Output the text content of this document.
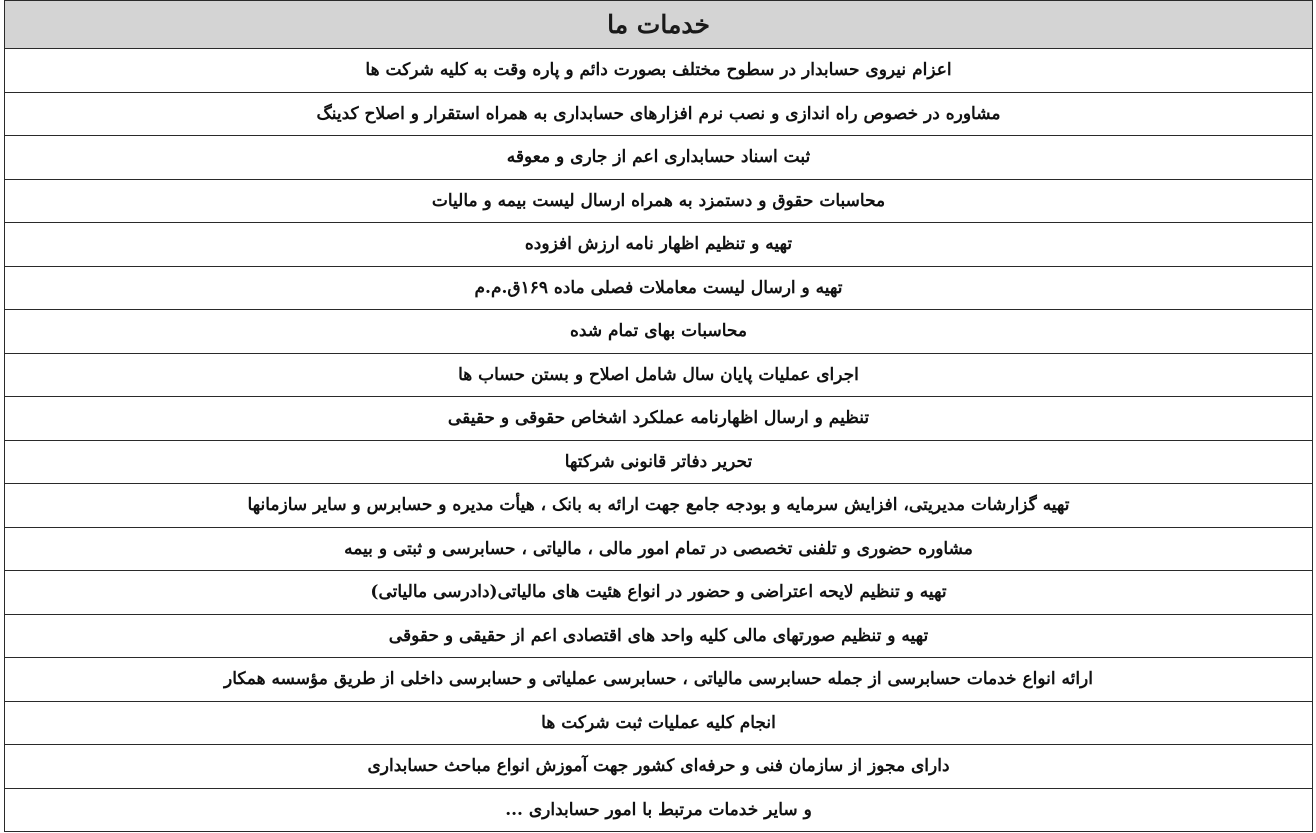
خدمات ما
اعزام نیروی حسابدار در سطوح مختلف بصورت دائم و پاره وقت به کلیه شرکت ها
مشاوره در خصوص راه اندازی و نصب نرم افزارهای حسابداری به همراه استقرار و اصلاح کدینگ
ثبت اسناد حسابداری اعم از جاری و معوقه
محاسبات حقوق و دستمزد به همراه ارسال لیست بیمه و مالیات
تهیه و تنظیم اظهار نامه ارزش افزوده
تهیه و ارسال لیست معاملات فصلی ماده ۱۶۹ق.م.م
محاسبات بهای تمام شده
اجرای عملیات پایان سال شامل اصلاح و بستن حساب ها
تنظیم و ارسال اظهارنامه عملکرد اشخاص حقوقی و حقیقی
تحریر دفاتر قانونی شرکتها
تهیه گزارشات مدیریتی، افزایش سرمایه و بودجه جامع جهت ارائه به بانک ، هیأت مدیره و حسابرس و سایر سازمانها
مشاوره حضوری و تلفنی تخصصی در تمام امور مالی ، مالیاتی ، حسابرسی و ثبتی و بیمه
تهیه و تنظیم لایحه اعتراضی و حضور در انواع هئیت های مالیاتی(دادرسی مالیاتی)
تهیه و تنظیم صورتهای مالی کلیه واحد های اقتصادی اعم از حقیقی و حقوقی
ارائه انواع خدمات حسابرسی از جمله حسابرسی مالیاتی ، حسابرسی عملیاتی و حسابرسی داخلی از طریق مؤسسه همکار
انجام کلیه عملیات ثبت شرکت ها
دارای مجوز از سازمان فنی و حرفه‌ای کشور جهت آموزش انواع مباحث حسابداری
و سایر خدمات مرتبط با امور حسابداری ...
